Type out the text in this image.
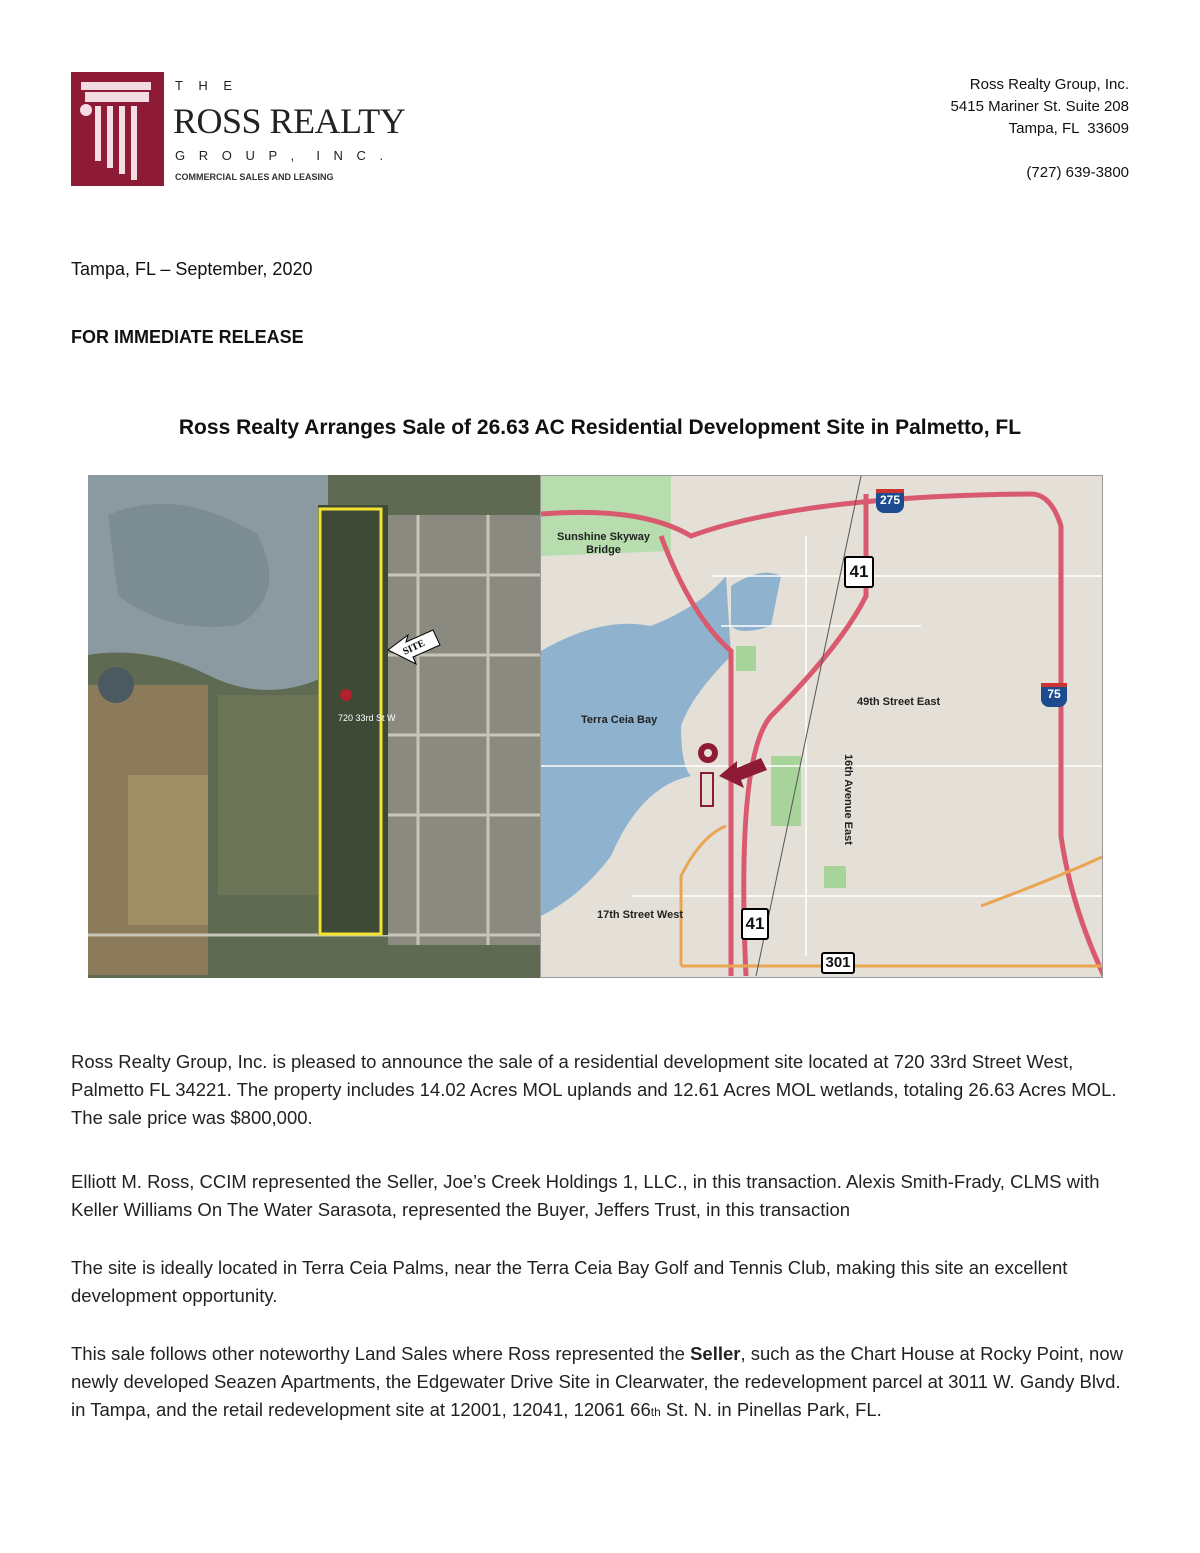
T H E
ROSS REALTY
G R O U P ,  I N C .
COMMERCIAL SALES AND LEASING
Ross Realty Group, Inc.
5415 Mariner St. Suite 208
Tampa, FL  33609
(727) 639-3800
Tampa, FL – September, 2020
FOR IMMEDIATE RELEASE
Ross Realty Arranges Sale of 26.63 AC Residential Development Site in Palmetto, FL
720 33rd St W
SITE
Sunshine Skyway Bridge
Terra Ceia Bay
49th Street East
16th Avenue East
17th Street West
275
41
75
41
301
Ross Realty Group, Inc. is pleased to announce the sale of a residential development site located at 720 33rd Street West, Palmetto FL 34221. The property includes 14.02 Acres MOL uplands and 12.61 Acres MOL wetlands, totaling 26.63 Acres MOL. The sale price was $800,000.
Elliott M. Ross, CCIM represented the Seller, Joe’s Creek Holdings 1, LLC., in this transaction. Alexis Smith-Frady, CLMS with Keller Williams On The Water Sarasota, represented the Buyer, Jeffers Trust, in this transaction
The site is ideally located in Terra Ceia Palms, near the Terra Ceia Bay Golf and Tennis Club, making this site an excellent development opportunity.
This sale follows other noteworthy Land Sales where Ross represented the Seller, such as the Chart House at Rocky Point, now newly developed Seazen Apartments, the Edgewater Drive Site in Clearwater, the redevelopment parcel at 3011 W. Gandy Blvd. in Tampa, and the retail redevelopment site at 12001, 12041, 12061 66th St. N. in Pinellas Park, FL.
